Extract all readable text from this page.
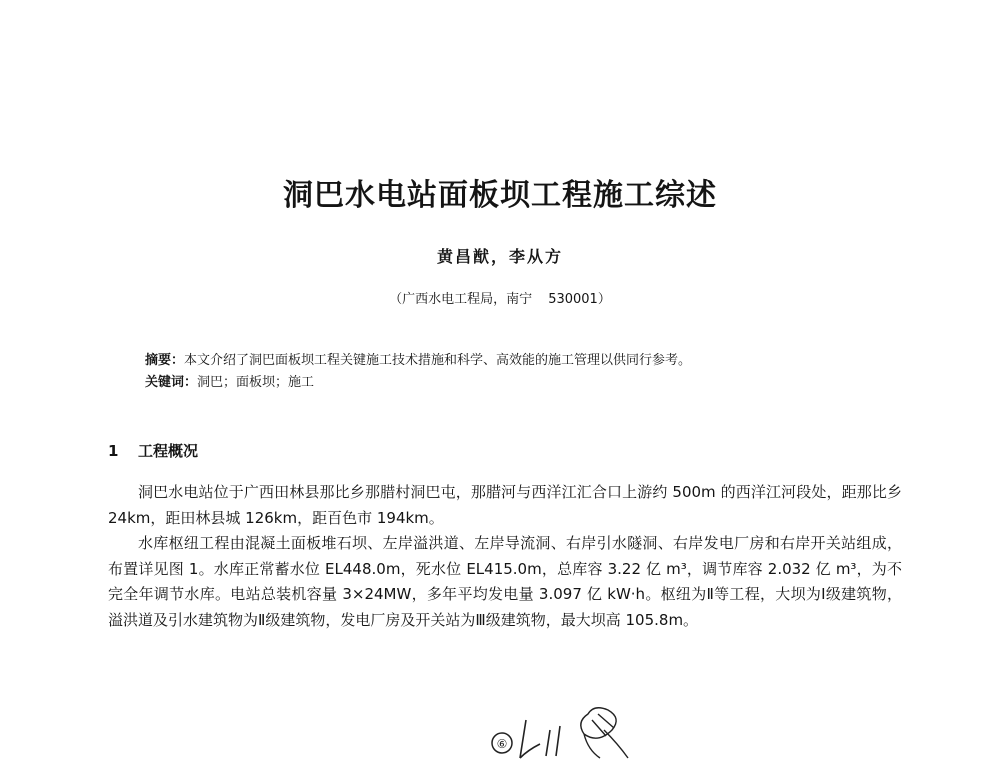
洞巴水电站面板坝工程施工综述
黄昌猷，李从方
（广西水电工程局，南宁 530001）
摘要：本文介绍了洞巴面板坝工程关键施工技术措施和科学、高效能的施工管理以供同行参考。
关键词：洞巴；面板坝；施工
1 工程概况

洞巴水电站位于广西田林县那比乡那腊村洞巴屯，那腊河与西洋江汇合口上游约 500m 的西洋江河段处，距那比乡 24km，距田林县城 126km，距百色市 194km。

水库枢纽工程由混凝土面板堆石坝、左岸溢洪道、左岸导流洞、右岸引水隧洞、右岸发电厂房和右岸开关站组成，布置详见图 1。水库正常蓄水位 EL448.0m，死水位 EL415.0m，总库容 3.22 亿 m³，调节库容 2.032 亿 m³，为不完全年调节水库。电站总装机容量 3×24MW，多年平均发电量 3.097 亿 kW·h。枢纽为Ⅱ等工程，大坝为Ⅰ级建筑物，溢洪道及引水建筑物为Ⅱ级建筑物，发电厂房及开关站为Ⅲ级建筑物，最大坝高 105.8m。

⑥
